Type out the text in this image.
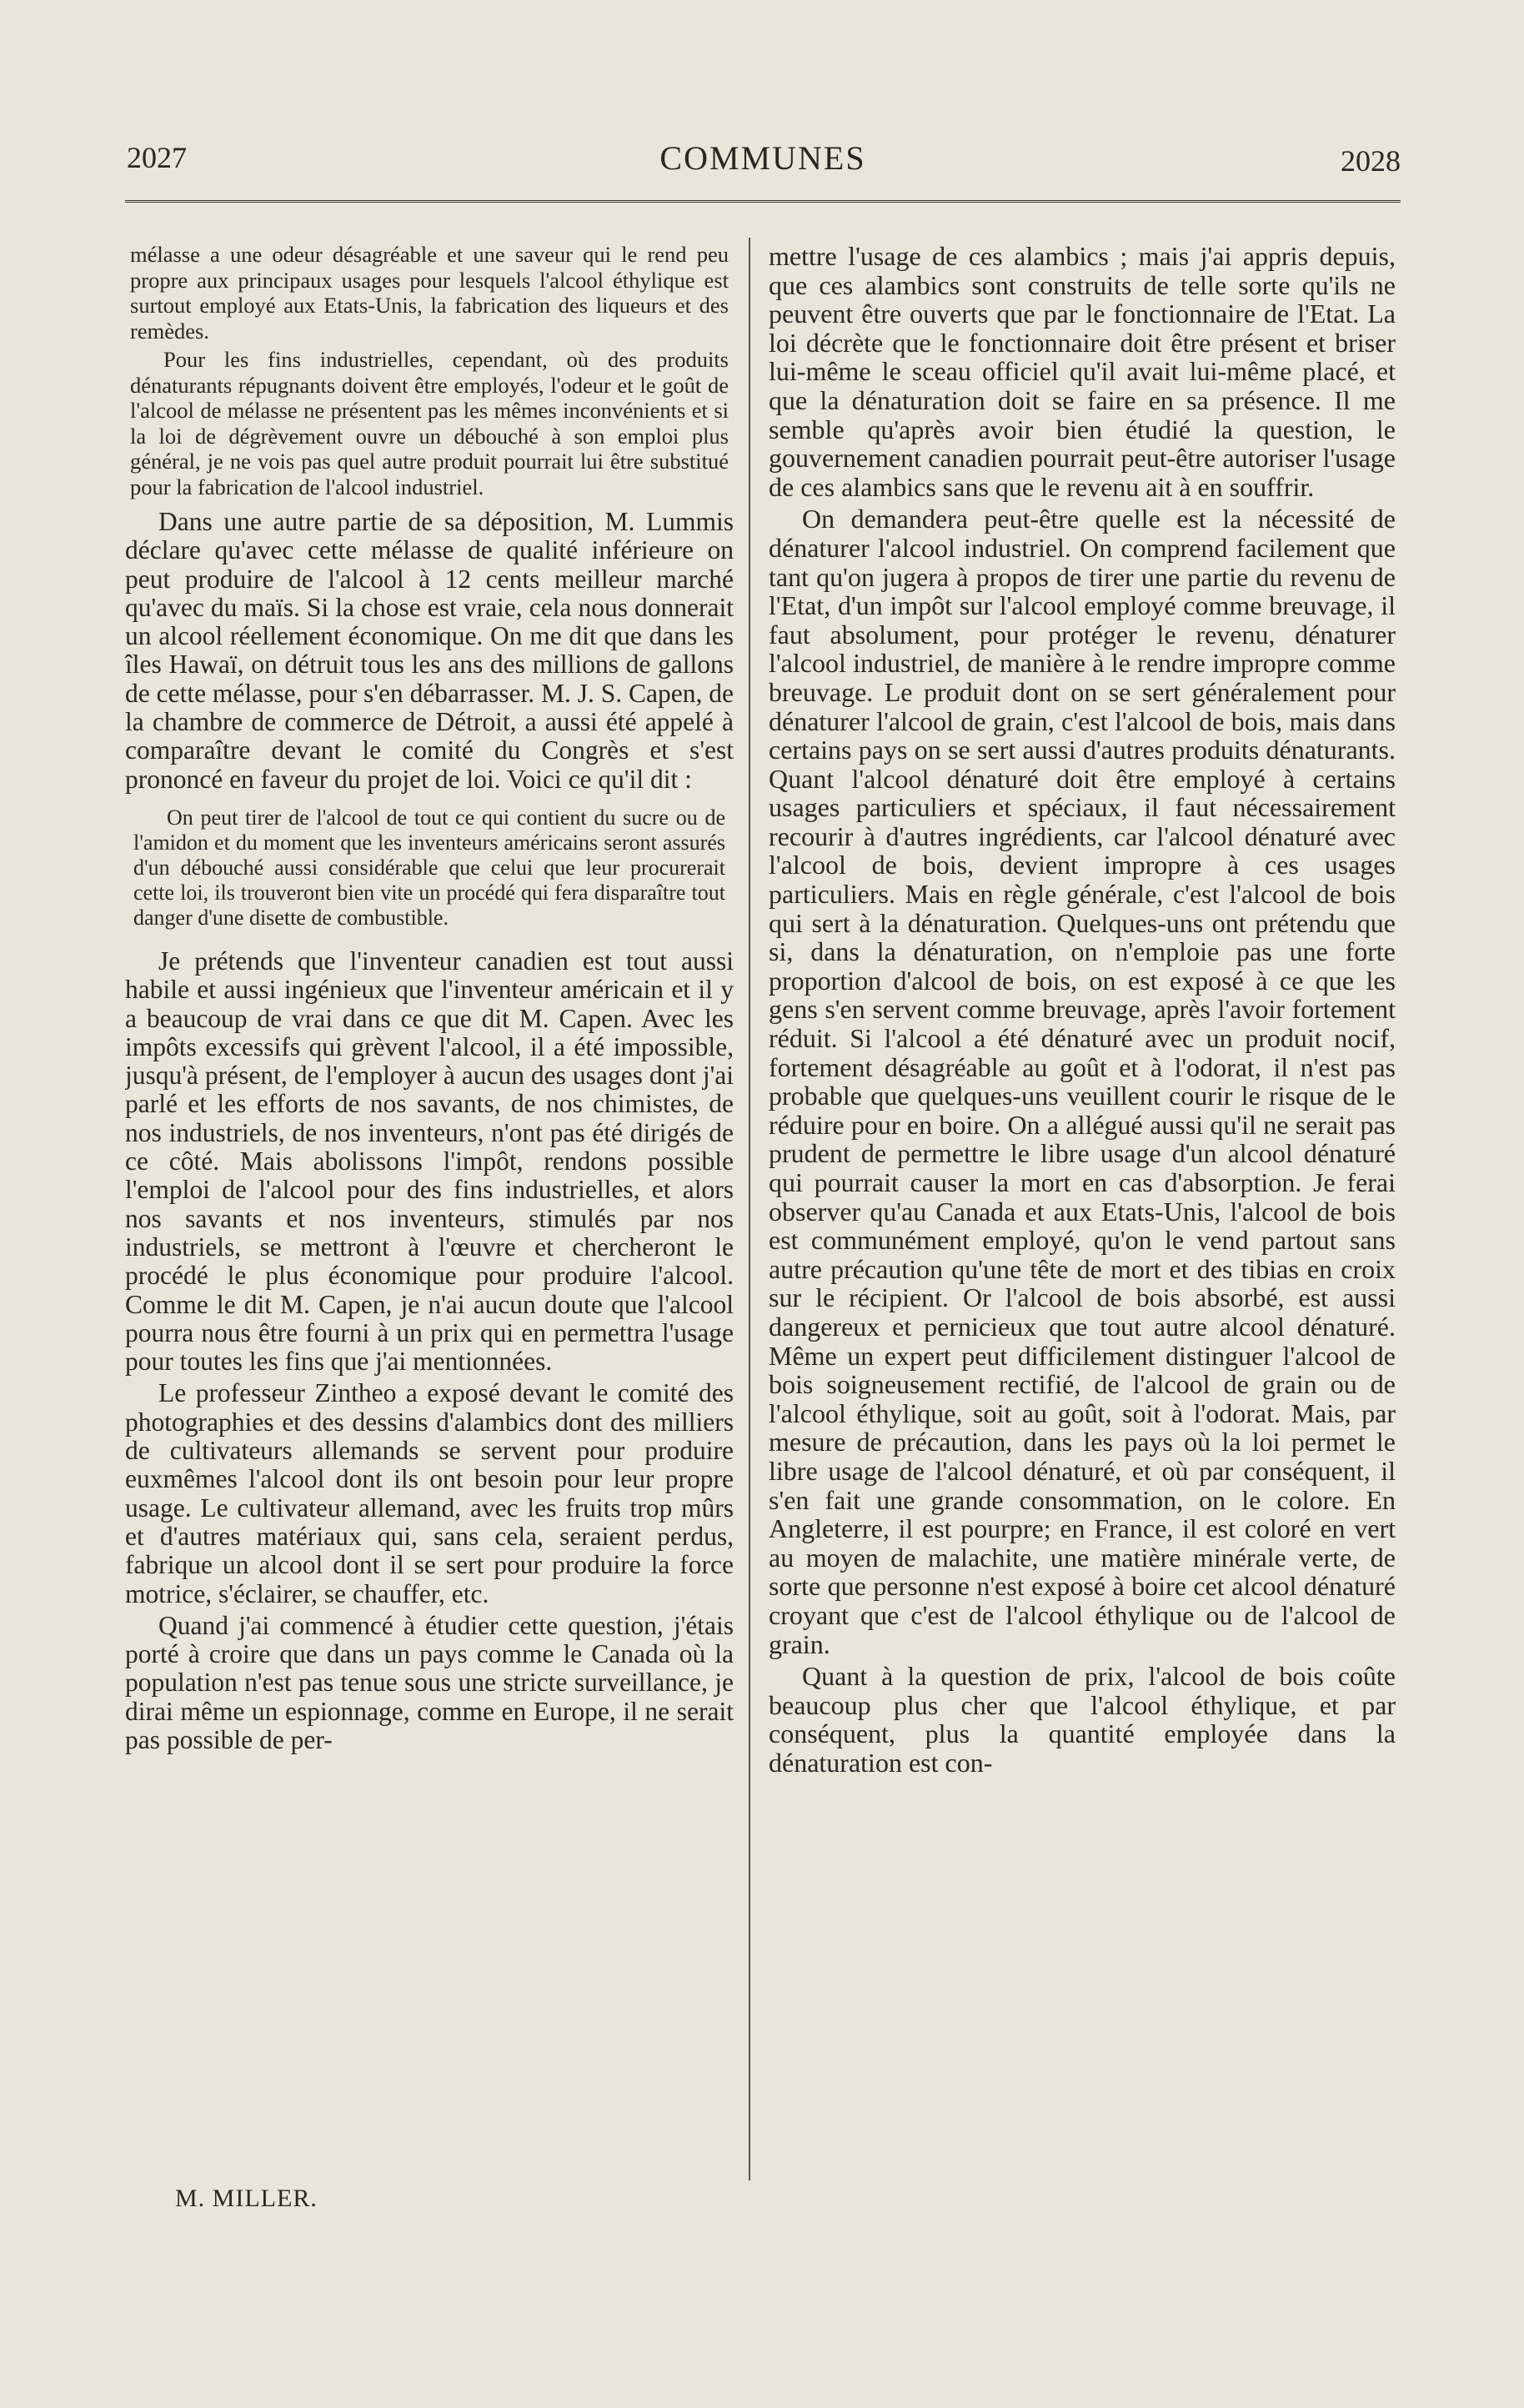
2027	COMMUNES	2028

mélasse a une odeur désagréable et une saveur qui le rend peu propre aux principaux usages pour lesquels l'alcool éthylique est surtout employé aux Etats-Unis, la fabrication des liqueurs et des remèdes.

Pour les fins industrielles, cependant, où des produits dénaturants répugnants doivent être employés, l'odeur et le goût de l'alcool de mélasse ne présentent pas les mêmes inconvénients et si la loi de dégrèvement ouvre un débouché à son emploi plus général, je ne vois pas quel autre produit pourrait lui être substitué pour la fabrication de l'alcool industriel.

Dans une autre partie de sa déposition, M. Lummis déclare qu'avec cette mélasse de qualité inférieure on peut produire de l'alcool à 12 cents meilleur marché qu'avec du maïs. Si la chose est vraie, cela nous donnerait un alcool réellement économique. On me dit que dans les îles Hawaï, on détruit tous les ans des millions de gallons de cette mélasse, pour s'en débarrasser. M. J. S. Capen, de la chambre de commerce de Détroit, a aussi été appelé à comparaître devant le comité du Congrès et s'est prononcé en faveur du projet de loi. Voici ce qu'il dit :

On peut tirer de l'alcool de tout ce qui contient du sucre ou de l'amidon et du moment que les inventeurs américains seront assurés d'un débouché aussi considérable que celui que leur procurerait cette loi, ils trouveront bien vite un procédé qui fera disparaître tout danger d'une disette de combustible.

Je prétends que l'inventeur canadien est tout aussi habile et aussi ingénieux que l'inventeur américain et il y a beaucoup de vrai dans ce que dit M. Capen. Avec les impôts excessifs qui grèvent l'alcool, il a été impossible, jusqu'à présent, de l'employer à aucun des usages dont j'ai parlé et les efforts de nos savants, de nos chimistes, de nos industriels, de nos inventeurs, n'ont pas été dirigés de ce côté. Mais abolissons l'impôt, rendons possible l'emploi de l'alcool pour des fins industrielles, et alors nos savants et nos inventeurs, stimulés par nos industriels, se mettront à l'œuvre et chercheront le procédé le plus économique pour produire l'alcool. Comme le dit M. Capen, je n'ai aucun doute que l'alcool pourra nous être fourni à un prix qui en permettra l'usage pour toutes les fins que j'ai mentionnées.

Le professeur Zintheo a exposé devant le comité des photographies et des dessins d'alambics dont des milliers de cultivateurs allemands se servent pour produire euxmêmes l'alcool dont ils ont besoin pour leur propre usage. Le cultivateur allemand, avec les fruits trop mûrs et d'autres matériaux qui, sans cela, seraient perdus, fabrique un alcool dont il se sert pour produire la force motrice, s'éclairer, se chauffer, etc.

Quand j'ai commencé à étudier cette question, j'étais porté à croire que dans un pays comme le Canada où la population n'est pas tenue sous une stricte surveillance, je dirai même un espionnage, comme en Europe, il ne serait pas possible de per-

mettre l'usage de ces alambics ; mais j'ai appris depuis, que ces alambics sont construits de telle sorte qu'ils ne peuvent être ouverts que par le fonctionnaire de l'Etat. La loi décrète que le fonctionnaire doit être présent et briser lui-même le sceau officiel qu'il avait lui-même placé, et que la dénaturation doit se faire en sa présence. Il me semble qu'après avoir bien étudié la question, le gouvernement canadien pourrait peut-être autoriser l'usage de ces alambics sans que le revenu ait à en souffrir.

On demandera peut-être quelle est la nécessité de dénaturer l'alcool industriel. On comprend facilement que tant qu'on jugera à propos de tirer une partie du revenu de l'Etat, d'un impôt sur l'alcool employé comme breuvage, il faut absolument, pour protéger le revenu, dénaturer l'alcool industriel, de manière à le rendre impropre comme breuvage. Le produit dont on se sert généralement pour dénaturer l'alcool de grain, c'est l'alcool de bois, mais dans certains pays on se sert aussi d'autres produits dénaturants. Quant l'alcool dénaturé doit être employé à certains usages particuliers et spéciaux, il faut nécessairement recourir à d'autres ingrédients, car l'alcool dénaturé avec l'alcool de bois, devient impropre à ces usages particuliers. Mais en règle générale, c'est l'alcool de bois qui sert à la dénaturation. Quelques-uns ont prétendu que si, dans la dénaturation, on n'emploie pas une forte proportion d'alcool de bois, on est exposé à ce que les gens s'en servent comme breuvage, après l'avoir fortement réduit. Si l'alcool a été dénaturé avec un produit nocif, fortement désagréable au goût et à l'odorat, il n'est pas probable que quelques-uns veuillent courir le risque de le réduire pour en boire. On a allégué aussi qu'il ne serait pas prudent de permettre le libre usage d'un alcool dénaturé qui pourrait causer la mort en cas d'absorption. Je ferai observer qu'au Canada et aux Etats-Unis, l'alcool de bois est communément employé, qu'on le vend partout sans autre précaution qu'une tête de mort et des tibias en croix sur le récipient. Or l'alcool de bois absorbé, est aussi dangereux et pernicieux que tout autre alcool dénaturé. Même un expert peut difficilement distinguer l'alcool de bois soigneusement rectifié, de l'alcool de grain ou de l'alcool éthylique, soit au goût, soit à l'odorat. Mais, par mesure de précaution, dans les pays où la loi permet le libre usage de l'alcool dénaturé, et où par conséquent, il s'en fait une grande consommation, on le colore. En Angleterre, il est pourpre; en France, il est coloré en vert au moyen de malachite, une matière minérale verte, de sorte que personne n'est exposé à boire cet alcool dénaturé croyant que c'est de l'alcool éthylique ou de l'alcool de grain.

Quant à la question de prix, l'alcool de bois coûte beaucoup plus cher que l'alcool éthylique, et par conséquent, plus la quantité employée dans la dénaturation est con-

M. MILLER.
